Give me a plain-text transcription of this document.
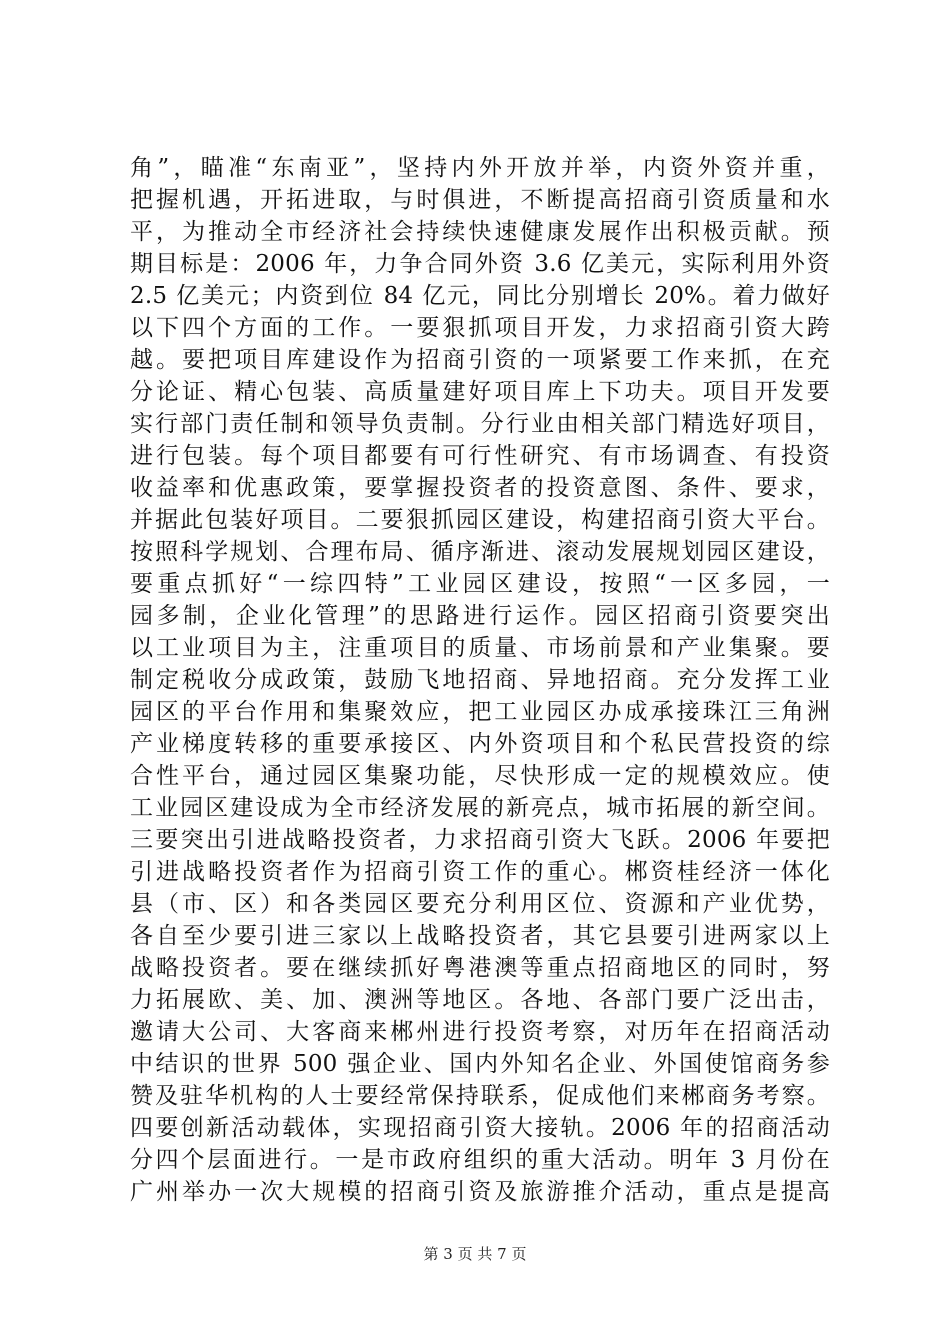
角”，瞄准“东南亚”，坚持内外开放并举，内资外资并重，
把握机遇，开拓进取，与时俱进，不断提高招商引资质量和水
平，为推动全市经济社会持续快速健康发展作出积极贡献。预
期目标是：2006 年，力争合同外资 3.6 亿美元，实际利用外资
2.5 亿美元；内资到位 84 亿元，同比分别增长 20%。着力做好
以下四个方面的工作。一要狠抓项目开发，力求招商引资大跨
越。要把项目库建设作为招商引资的一项紧要工作来抓，在充
分论证、精心包装、高质量建好项目库上下功夫。项目开发要
实行部门责任制和领导负责制。分行业由相关部门精选好项目，
进行包装。每个项目都要有可行性研究、有市场调查、有投资
收益率和优惠政策，要掌握投资者的投资意图、条件、要求，
并据此包装好项目。二要狠抓园区建设，构建招商引资大平台。
按照科学规划、合理布局、循序渐进、滚动发展规划园区建设，
要重点抓好“一综四特”工业园区建设，按照“一区多园，一
园多制，企业化管理”的思路进行运作。园区招商引资要突出
以工业项目为主，注重项目的质量、市场前景和产业集聚。要
制定税收分成政策，鼓励飞地招商、异地招商。充分发挥工业
园区的平台作用和集聚效应，把工业园区办成承接珠江三角洲
产业梯度转移的重要承接区、内外资项目和个私民营投资的综
合性平台，通过园区集聚功能，尽快形成一定的规模效应。使
工业园区建设成为全市经济发展的新亮点，城市拓展的新空间。
三要突出引进战略投资者，力求招商引资大飞跃。2006 年要把
引进战略投资者作为招商引资工作的重心。郴资桂经济一体化
县（市、区）和各类园区要充分利用区位、资源和产业优势，
各自至少要引进三家以上战略投资者，其它县要引进两家以上
战略投资者。要在继续抓好粤港澳等重点招商地区的同时，努
力拓展欧、美、加、澳洲等地区。各地、各部门要广泛出击，
邀请大公司、大客商来郴州进行投资考察，对历年在招商活动
中结识的世界 500 强企业、国内外知名企业、外国使馆商务参
赞及驻华机构的人士要经常保持联系，促成他们来郴商务考察。
四要创新活动载体，实现招商引资大接轨。2006 年的招商活动
分四个层面进行。一是市政府组织的重大活动。明年 3 月份在
广州举办一次大规模的招商引资及旅游推介活动，重点是提高
第 3 页 共 7 页
